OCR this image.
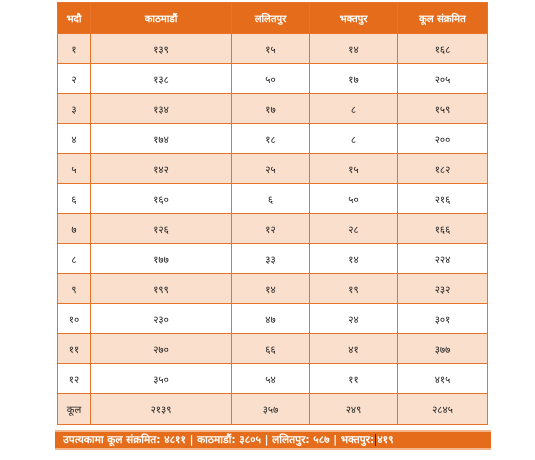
भदौ	काठमाडौं	ललितपुर	भक्तपुर	कूल संक्रमित
१	१३९	१५	१४	१६८
२	१३८	५०	१७	२०५
३	१३४	१७	८	१५९
४	१७४	१८	८	२००
५	१४२	२५	१५	१८२
६	१६०	६	५०	२१६
७	१२६	१२	२८	१६६
८	१७७	३३	१४	२२४
९	१९९	१४	१९	२३२
१०	२३०	४७	२४	३०१
११	२७०	६६	४१	३७७
१२	३५०	५४	११	४१५
कूल	२१३९	३५७	२४९	२८४५
उपत्यकामा कूल संक्रमित: ४८११ | काठमाडौं: ३८०५ | ललितपुर: ५८७ | भक्तपुर: ४१९
